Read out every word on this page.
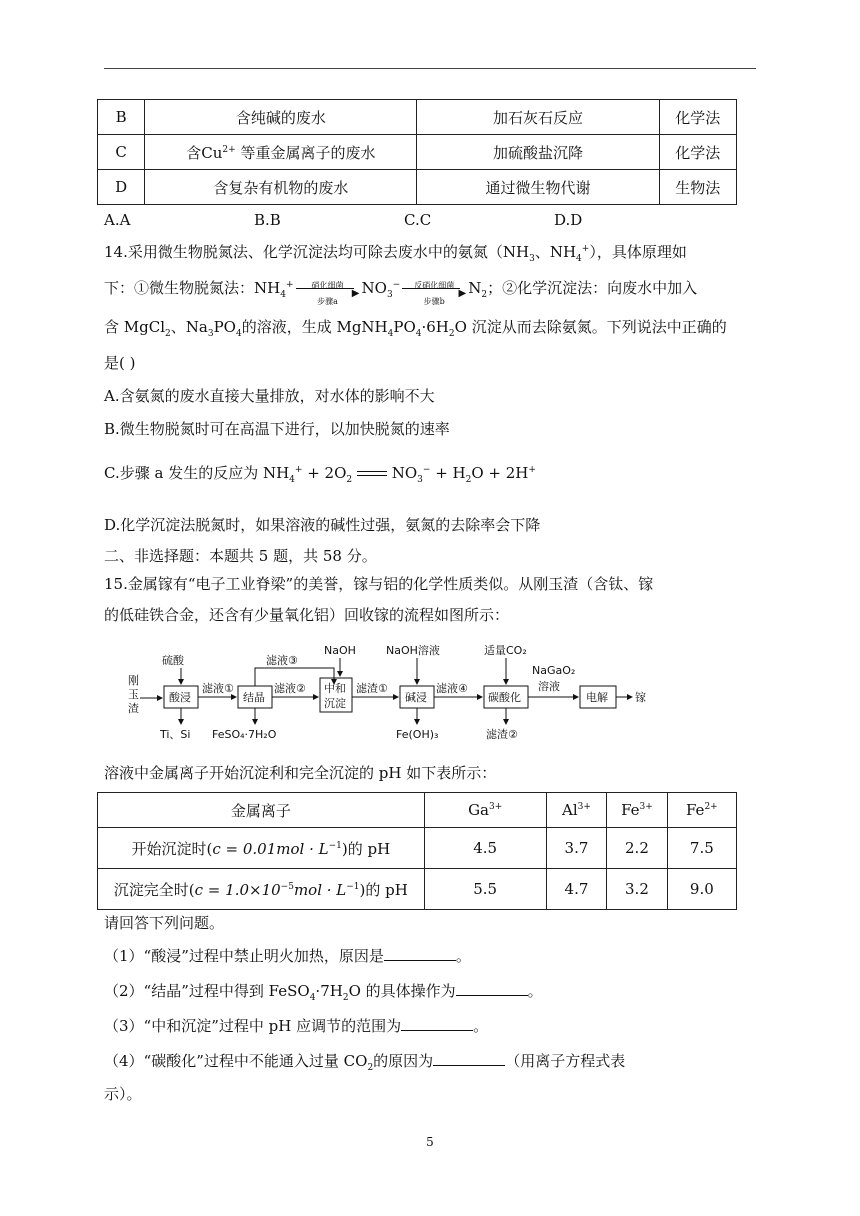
B	含纯碱的废水	加石灰石反应	化学法
C	含$Cu^{2+}$ 等重金属离子的废水	加硫酸盐沉降	化学法
D	含复杂有机物的废水	通过微生物代谢	生物法
A.A	B.B	C.C	D.D
14.采用微生物脱氮法、化学沉淀法均可除去废水中的氨氮（$NH_3$、$NH_4^+$），具体原理如
下：①微生物脱氮法：$NH_4^+$	硝化细菌
▶
步骤a
$NO_3^-$	反硝化细菌
▶
步骤b
$N_2$；②化学沉淀法：向废水中加入
含 MgCl$_2$、$Na_3PO_4$的溶液，生成 $MgNH_4PO_4\cdot 6H_2O$ 沉淀从而去除氨氮。下列说法中正确的
是( )
A.含氨氮的废水直接大量排放，对水体的影响不大
B.微生物脱氮时可在高温下进行，以加快脱氮的速率
C.步骤 a 发生的反应为 $NH_4^+ + 2O_2$	$NO_3^- + H_2O + 2H^+$
D.化学沉淀法脱氮时，如果溶液的碱性过强，氨氮的去除率会下降
二、非选择题：本题共 5 题，共 58 分。
15.金属镓有“电子工业脊梁”的美誉，镓与铝的化学性质类似。从刚玉渣（含钛、镓
的低硅铁合金，还含有少量氧化铝）回收镓的流程如图所示：
刚
玉
渣
酸浸
硫酸
Ti、Si
滤液①
结晶
FeSO₄·7H₂O
滤液③
滤液② 中和
沉淀
NaOH
滤渣①
碱浸
NaOH溶液
Fe(OH)₃
滤液④
碳酸化
适量CO₂
滤渣②
NaGaO₂
溶液
电解 镓
溶液中金属离子开始沉淀利和完全沉淀的 pH 如下表所示：
金属离子	$Ga^{3+}$	$Al^{3+}$	$Fe^{3+}$	$Fe^{2+}$
开始沉淀时$(c = 0.01mol \cdot L^{-1})$的 pH	4.5	3.7	2.2	7.5
沉淀完全时$(c = 1.0\times 10^{-5}mol \cdot L^{-1})$的 pH	5.5	4.7	3.2	9.0
请回答下列问题。
（1）“酸浸”过程中禁止明火加热，原因是	。
（2）“结晶”过程中得到 $FeSO_4\cdot 7H_2O$ 的具体操作为	。
（3）“中和沉淀”过程中 pH 应调节的范围为	。
（4）“碳酸化”过程中不能通入过量 $CO_2$的原因为	（用离子方程式表
示）。
5
